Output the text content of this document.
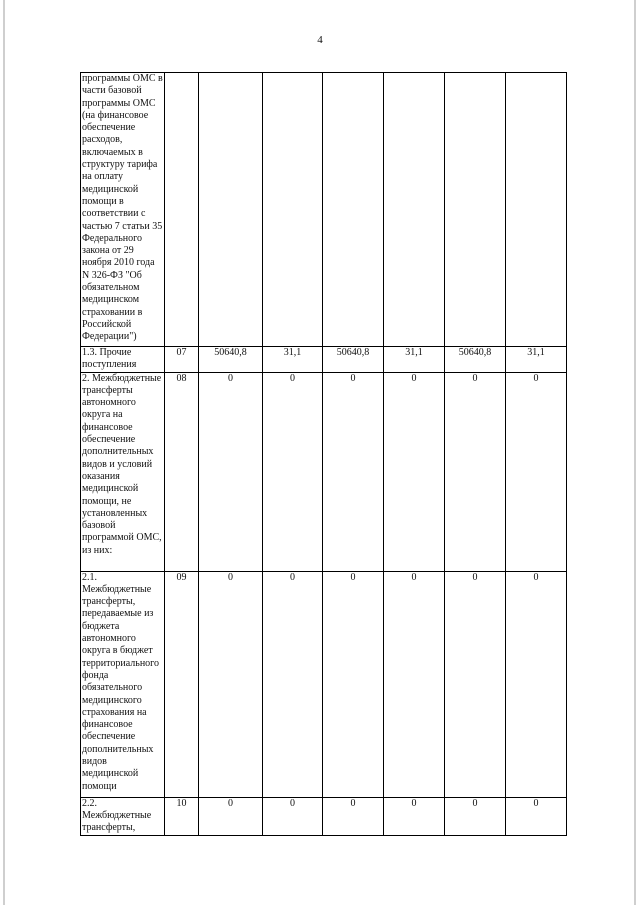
4
программы ОМС в части базовой программы ОМС (на финансовое обеспечение расходов, включаемых в структуру тарифа на оплату медицинской помощи в соответствии с частью 7 статьи 35 Федерального закона от 29 ноября 2010 года N 326-ФЗ "Об обязательном медицинском страховании в Российской Федерации")							
1.3. Прочие поступления	07	50640,8	31,1	50640,8	31,1	50640,8	31,1
2. Межбюджетные трансферты автономного округа на финансовое обеспечение дополнительных видов и условий оказания медицинской помощи, не установленных базовой программой ОМС, из них:	08	0	0	0	0	0	0
2.1. Межбюджетные трансферты, передаваемые из бюджета автономного округа в бюджет территориального фонда обязательного медицинского страхования на финансовое обеспечение дополнительных видов медицинской помощи	09	0	0	0	0	0	0
2.2. Межбюджетные трансферты,	10	0	0	0	0	0	0
